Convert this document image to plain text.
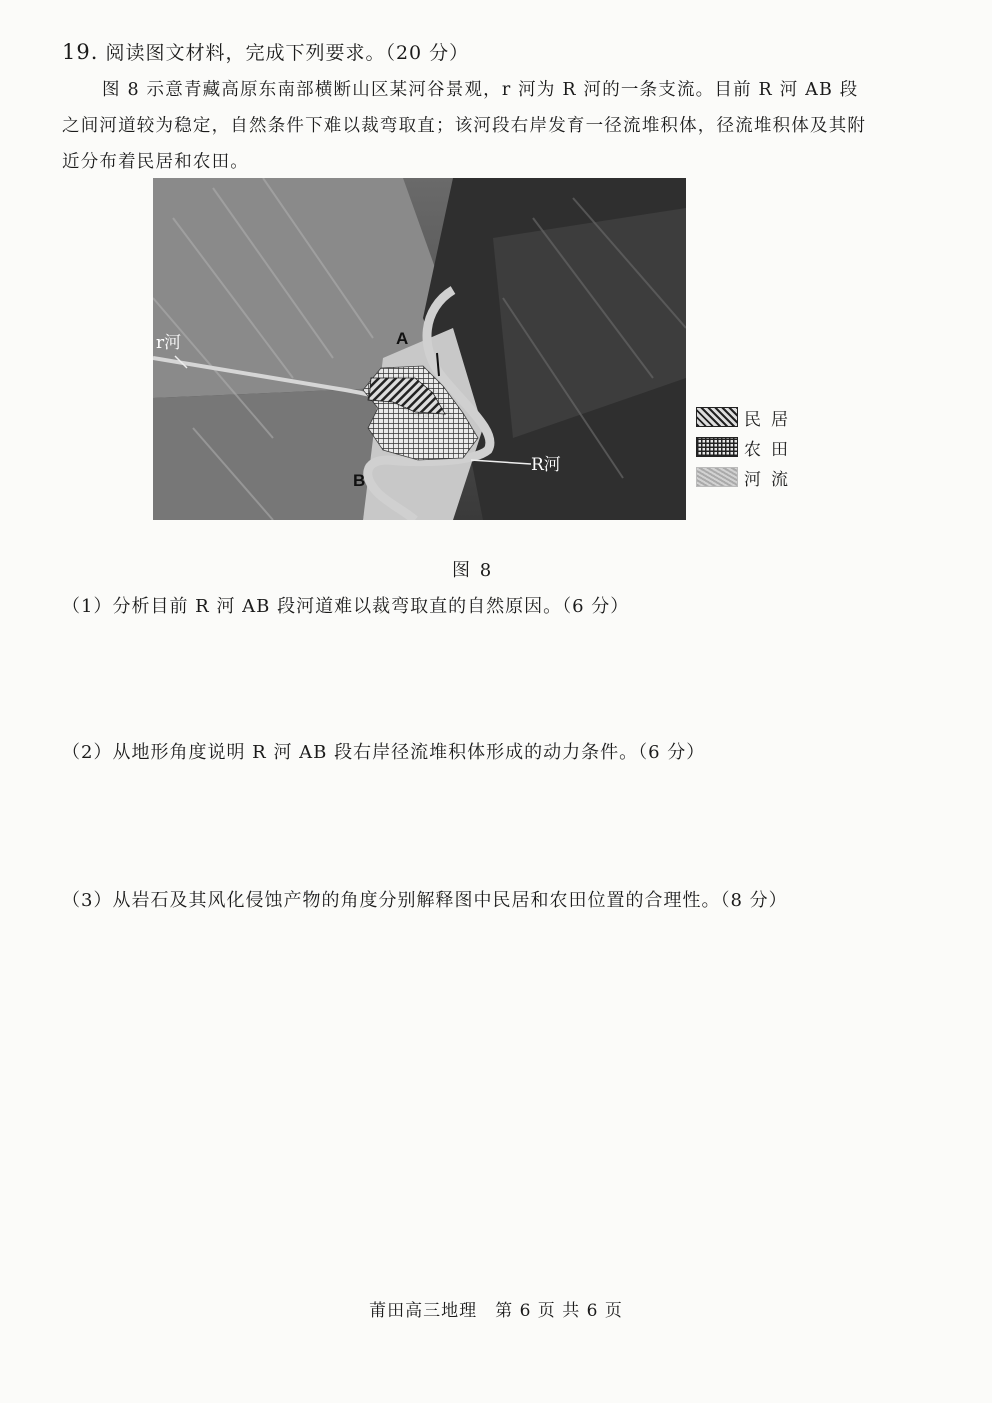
19. 阅读图文材料，完成下列要求。（20 分）

图 8 示意青藏高原东南部横断山区某河谷景观，r 河为 R 河的一条支流。目前 R 河 AB 段之间河道较为稳定，自然条件下难以裁弯取直；该河段右岸发育一径流堆积体，径流堆积体及其附近分布着民居和农田。

A
B
r河
R河
民居
农田
河流
图 8
（1）分析目前 R 河 AB 段河道难以裁弯取直的自然原因。（6 分）
（2）从地形角度说明 R 河 AB 段右岸径流堆积体形成的动力条件。（6 分）
（3）从岩石及其风化侵蚀产物的角度分别解释图中民居和农田位置的合理性。（8 分）
莆田高三地理　第 6 页 共 6 页
